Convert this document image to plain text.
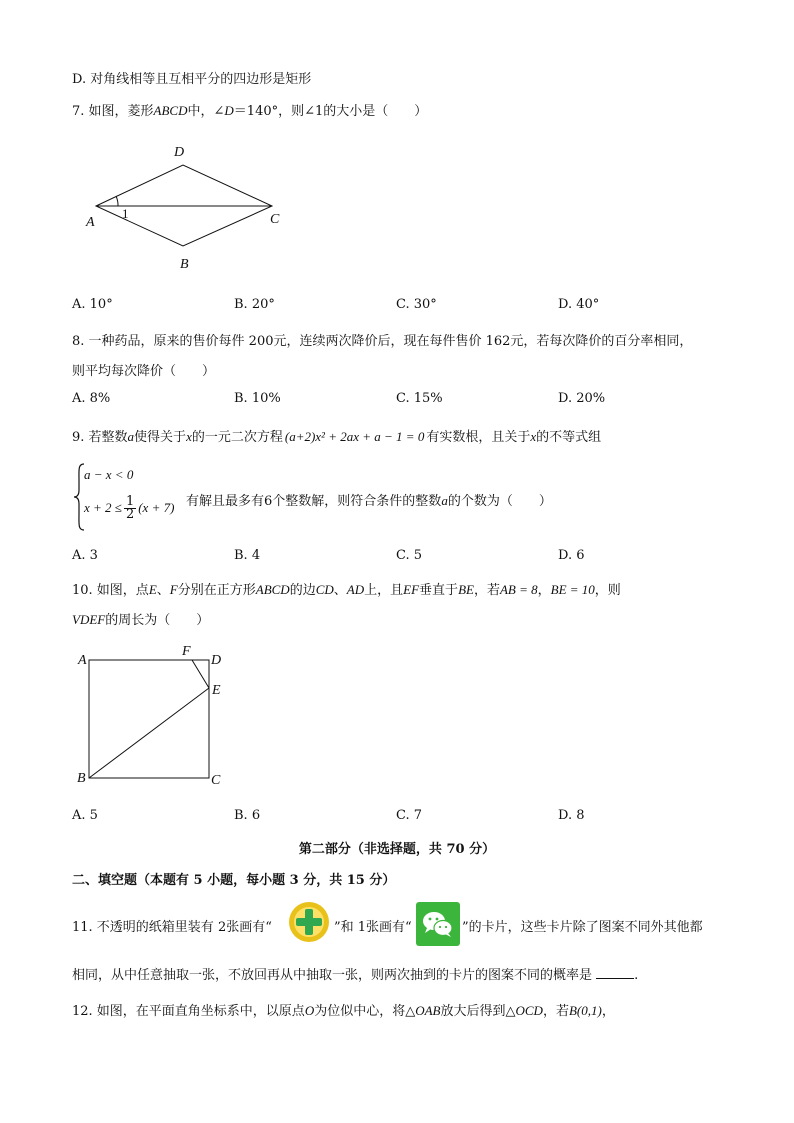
D. 对角线相等且互相平分的四边形是矩形
7. 如图，菱形ABCD中，∠D＝140°，则∠1的大小是（　　）
D
A	C
B
1
A. 10°	B. 20°	C. 30°	D. 40°
8. 一种药品，原来的售价每件 200元，连续两次降价后，现在每件售价 162元，若每次降价的百分率相同，
则平均每次降价（　　）
A. 8%	B. 10%	C. 15%	D. 20%
9. 若整数a使得关于x的一元二次方程 (a+2)x² + 2ax + a − 1 = 0 有实数根，且关于x的不等式组
a − x < 0
$x + 2 \le \frac{1}{2} (x + 7)$ 有解且最多有6个整数解，则符合条件的整数a的个数为（　　）
A. 3	B. 4	C. 5	D. 6
10. 如图，点E、F分别在正方形ABCD的边CD、AD上，且EF垂直于BE，若AB = 8，BE = 10，则
VDEF的周长为（　　）
A
F
D
E
B	C
A. 5	B. 6	C. 7	D. 8
第二部分（非选择题，共 70 分）
二、填空题（本题有 5 小题，每小题 3 分，共 15 分）
11. 不透明的纸箱里装有 2张画有“	”和 1张画有“	”的卡片，这些卡片除了图案不同外其他都
相同，从中任意抽取一张，不放回再从中抽取一张，则两次抽到的卡片的图案不同的概率是	.
12. 如图，在平面直角坐标系中，以原点O为位似中心，将△OAB放大后得到△OCD，若B(0,1)，
